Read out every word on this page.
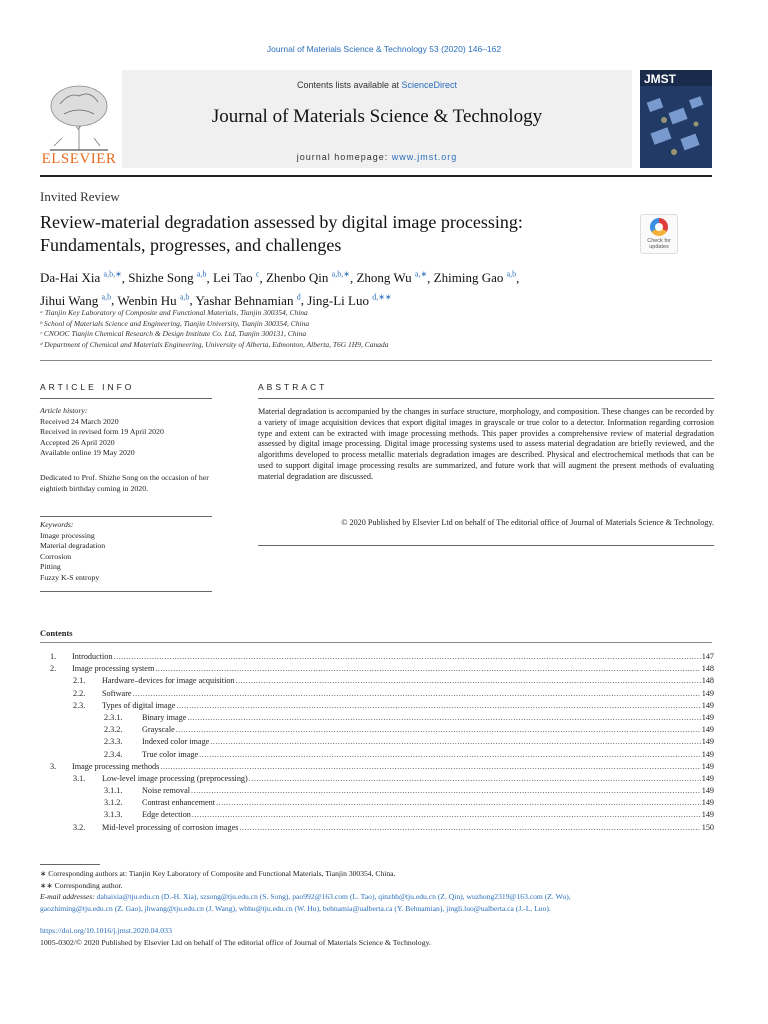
Journal of Materials Science & Technology 53 (2020) 146–162
ELSEVIER
Contents lists available at ScienceDirect
Journal of Materials Science & Technology
journal homepage: www.jmst.org
JMST
Invited Review
Review-material degradation assessed by digital image processing:
Fundamentals, progresses, and challenges	Check for updates
Da-Hai Xia $^{a,b,∗}$, Shizhe Song $^{a,b}$, Lei Tao $^c$, Zhenbo Qin $^{a,b,∗}$, Zhong Wu $^{a,∗}$, Zhiming Gao $^{a,b}$,
Jihui Wang $^{a,b}$, Wenbin Hu $^{a,b}$, Yashar Behnamian $^d$, Jing-Li Luo $^{d,∗∗}$
ᵃ Tianjin Key Laboratory of Composite and Functional Materials, Tianjin 300354, China
ᵇ School of Materials Science and Engineering, Tianjin University, Tianjin 300354, China
ᶜ CNOOC Tianjin Chemical Research & Design Institute Co. Ltd, Tianjin 300131, China
ᵈ Department of Chemical and Materials Engineering, University of Alberta, Edmonton, Alberta, T6G 1H9, Canada
ARTICLE INFO	ABSTRACT
Article history:
Received 24 March 2020
Received in revised form 19 April 2020
Accepted 26 April 2020
Available online 19 May 2020
Dedicated to Prof. Shizhe Song on the occasion of her eightieth birthday coming in 2020.
Keywords:
Image processing
Material degradation
Corrosion
Pitting
Fuzzy K-S entropy
Material degradation is accompanied by the changes in surface structure, morphology, and composition. These changes can be recorded by a variety of image acquisition devices that export digital images in grayscale or true color to a detector. Information regarding corrosion type and extent can be extracted with image processing methods. This paper provides a comprehensive review of material degradation assessed by digital image processing. Digital image processing systems used to assess material degradation are briefly reviewed, and the algorithms developed to process metallic materials degradation images are described. Physical and electrochemical methods that can be used to support digital image processing results are summarized, and future work that will augment the present methods of evaluating material degradation are discussed.
© 2020 Published by Elsevier Ltd on behalf of The editorial office of Journal of Materials Science & Technology.
Contents
1.	Introduction .....	147
2.	Image processing system .....	148
2.1.	Hardware–devices for image acquisition .....	148
2.2.	Software .....	149
2.3.	Types of digital image .....	149
2.3.1.	Binary image .....	149
2.3.2.	Grayscale .....	149
2.3.3.	Indexed color image .....	149
2.3.4.	True color image .....	149
3.	Image processing methods .....	149
3.1.	Low-level image processing (preprocessing) .....	149
3.1.1.	Noise removal .....	149
3.1.2.	Contrast enhancement .....	149
3.1.3.	Edge detection .....	149
3.2.	Mid-level processing of corrosion images .....	150
∗ Corresponding authors at: Tianjin Key Laboratory of Composite and Functional Materials, Tianjin 300354, China.
∗∗ Corresponding author.
E-mail addresses: dahaixia@tju.edu.cn (D.-H. Xia), szsong@tju.edu.cn (S. Song), pao992@163.com (L. Tao), qinzhb@tju.edu.cn (Z. Qin), wuzhong2319@163.com (Z. Wu),
gaozhiming@tju.edu.cn (Z. Gao), jhwang@tju.edu.cn (J. Wang), wbhu@tju.edu.cn (W. Hu), behnamia@ualberta.ca (Y. Behnamian), jingli.luo@ualberta.ca (J.-L. Luo).
https://doi.org/10.1016/j.jmst.2020.04.033
1005-0302/© 2020 Published by Elsevier Ltd on behalf of The editorial office of Journal of Materials Science & Technology.
